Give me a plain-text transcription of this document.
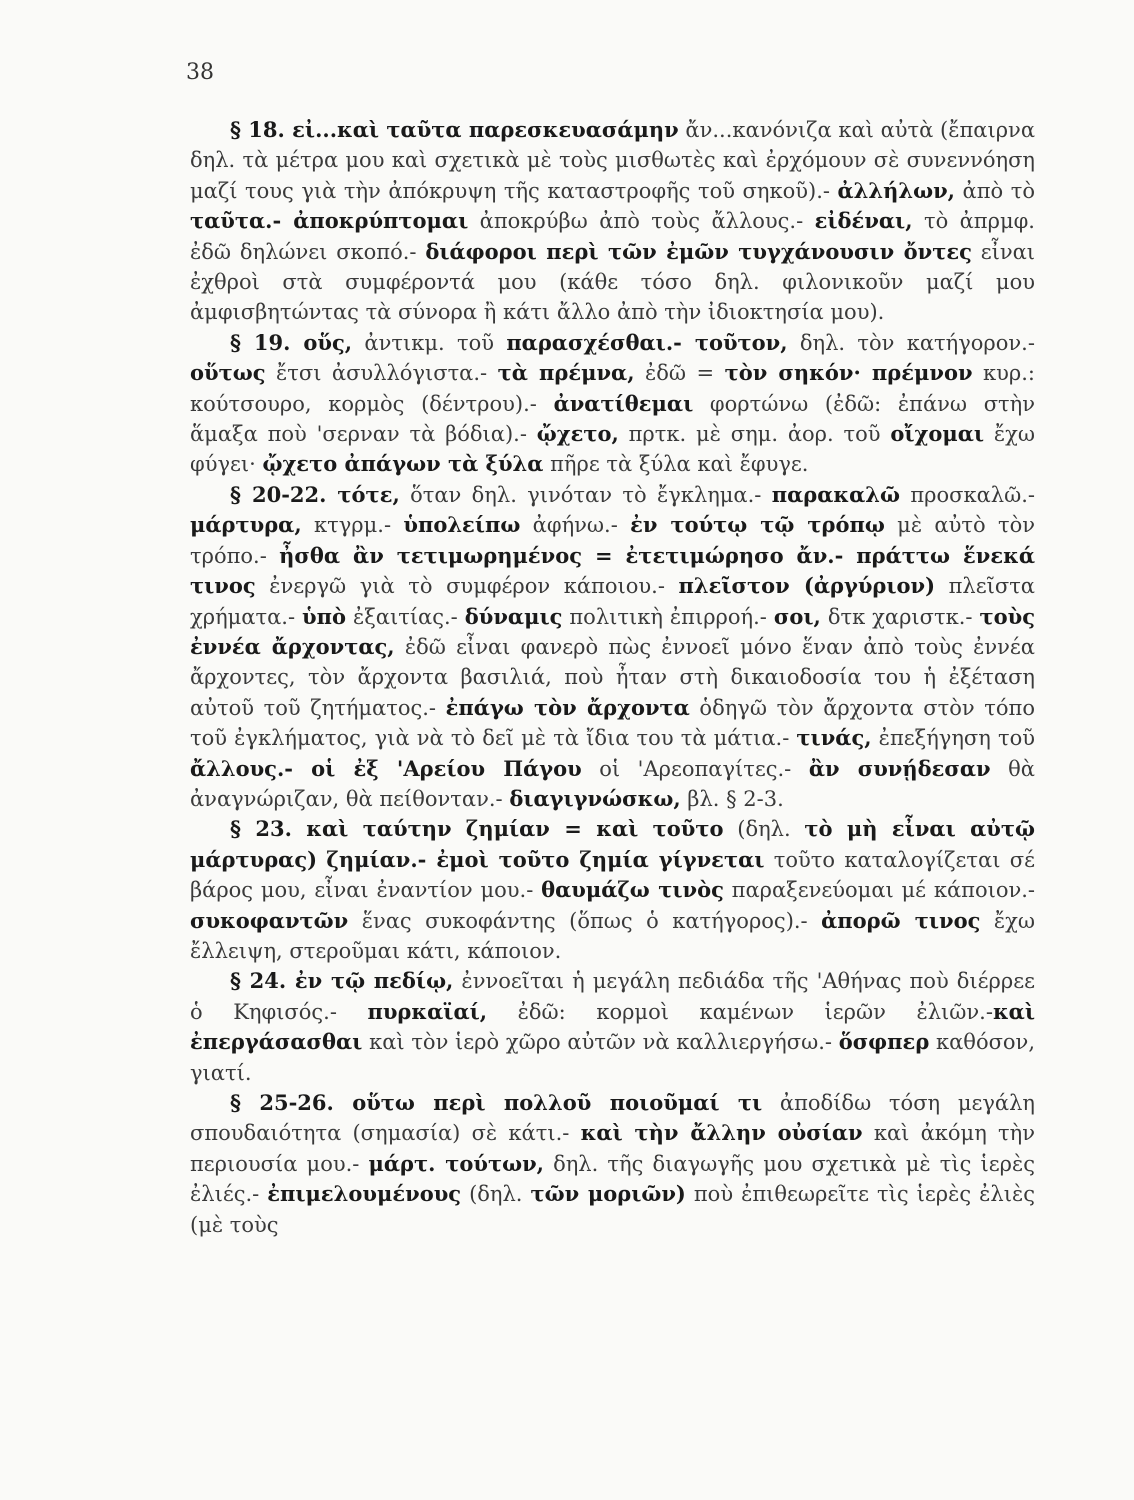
38

§ 18. εἰ...καὶ ταῦτα παρεσκευασάμην ἄν...κανόνιζα καὶ αὐτὰ (ἔπαιρνα δηλ. τὰ μέτρα μου καὶ σχετικὰ μὲ τοὺς μισθωτὲς καὶ ἐρχόμουν σὲ συνεννόηση μαζί τους γιὰ τὴν ἀπόκρυψη τῆς καταστροφῆς τοῦ σηκοῦ).- ἀλλήλων, ἀπὸ τὸ ταῦτα.- ἀποκρύπτομαι ἀποκρύβω ἀπὸ τοὺς ἄλλους.- εἰδέναι, τὸ ἀπρμφ. ἐδῶ δηλώνει σκοπό.- διάφοροι περὶ τῶν ἐμῶν τυγχάνουσιν ὄντες εἶναι ἐχθροὶ στὰ συμφέροντά μου (κάθε τόσο δηλ. φιλονικοῦν μαζί μου ἀμφισβητώντας τὰ σύνορα ἢ κάτι ἄλλο ἀπὸ τὴν ἰδιοκτησία μου).

§ 19. οὕς, ἀντικμ. τοῦ παρασχέσθαι.- τοῦτον, δηλ. τὸν κατήγορον.- οὕτως ἔτσι ἀσυλλόγιστα.- τὰ πρέμνα, ἐδῶ = τὸν σηκόν· πρέμνον κυρ.: κούτσουρο, κορμὸς (δέντρου).- ἀνατίθεμαι φορτώνω (ἐδῶ: ἐπάνω στὴν ἅμαξα ποὺ 'σερναν τὰ βόδια).- ᾤχετο, πρτκ. μὲ σημ. ἀορ. τοῦ οἴχομαι ἔχω φύγει· ᾤχετο ἀπάγων τὰ ξύλα πῆρε τὰ ξύλα καὶ ἔφυγε.

§ 20-22. τότε, ὅταν δηλ. γινόταν τὸ ἔγκλημα.- παρακαλῶ προσκαλῶ.- μάρτυρα, κτγρμ.- ὑπολείπω ἀφήνω.- ἐν τούτῳ τῷ τρόπῳ μὲ αὐτὸ τὸν τρόπο.- ἦσθα ἂν τετιμωρημένος = ἐτετιμώρησο ἄν.- πράττω ἕνεκά τινος ἐνεργῶ γιὰ τὸ συμφέρον κάποιου.- πλεῖστον (ἀργύριον) πλεῖστα χρήματα.- ὑπὸ ἐξαιτίας.- δύναμις πολιτικὴ ἐπιρροή.- σοι, δτκ χαριστκ.- τοὺς ἐννέα ἄρχοντας, ἐδῶ εἶναι φανερὸ πὼς ἐννοεῖ μόνο ἕναν ἀπὸ τοὺς ἐννέα ἄρχοντες, τὸν ἄρχοντα βασιλιά, ποὺ ἦταν στὴ δικαιοδοσία του ἡ ἐξέταση αὐτοῦ τοῦ ζητήματος.- ἐπάγω τὸν ἄρχοντα ὁδηγῶ τὸν ἄρχοντα στὸν τόπο τοῦ ἐγκλήματος, γιὰ νὰ τὸ δεῖ μὲ τὰ ἴδια του τὰ μάτια.- τινάς, ἐπεξήγηση τοῦ ἄλλους.- οἱ ἐξ 'Αρείου Πάγου οἱ 'Αρεοπαγίτες.- ἂν συνῄδεσαν θὰ ἀναγνώριζαν, θὰ πείθονταν.- διαγιγνώσκω, βλ. § 2-3.

§ 23. καὶ ταύτην ζημίαν = καὶ τοῦτο (δηλ. τὸ μὴ εἶναι αὐτῷ μάρτυρας) ζημίαν.- ἐμοὶ τοῦτο ζημία γίγνεται τοῦτο καταλογίζεται σέ βάρος μου, εἶναι ἐναντίον μου.- θαυμάζω τινὸς παραξενεύομαι μέ κάποιον.- συκοφαντῶν ἕνας συκοφάντης (ὅπως ὁ κατήγορος).- ἀπορῶ τινος ἔχω ἔλλειψη, στεροῦμαι κάτι, κάποιον.

§ 24. ἐν τῷ πεδίῳ, ἐννοεῖται ἡ μεγάλη πεδιάδα τῆς 'Αθήνας ποὺ διέρρεε ὁ Κηφισός.- πυρκαϊαί, ἐδῶ: κορμοὶ καμένων ἱερῶν ἐλιῶν.-καὶ ἐπεργάσασθαι καὶ τὸν ἱερὸ χῶρο αὐτῶν νὰ καλλιεργήσω.- ὅσφπερ καθόσον, γιατί.

§ 25-26. οὕτω περὶ πολλοῦ ποιοῦμαί τι ἀποδίδω τόση μεγάλη σπουδαιότητα (σημασία) σὲ κάτι.- καὶ τὴν ἄλλην οὐσίαν καὶ ἀκόμη τὴν περιουσία μου.- μάρτ. τούτων, δηλ. τῆς διαγωγῆς μου σχετικὰ μὲ τὶς ἱερὲς ἐλιές.- ἐπιμελουμένους (δηλ. τῶν μοριῶν) ποὺ ἐπιθεωρεῖτε τὶς ἱερὲς ἐλιὲς (μὲ τοὺς
